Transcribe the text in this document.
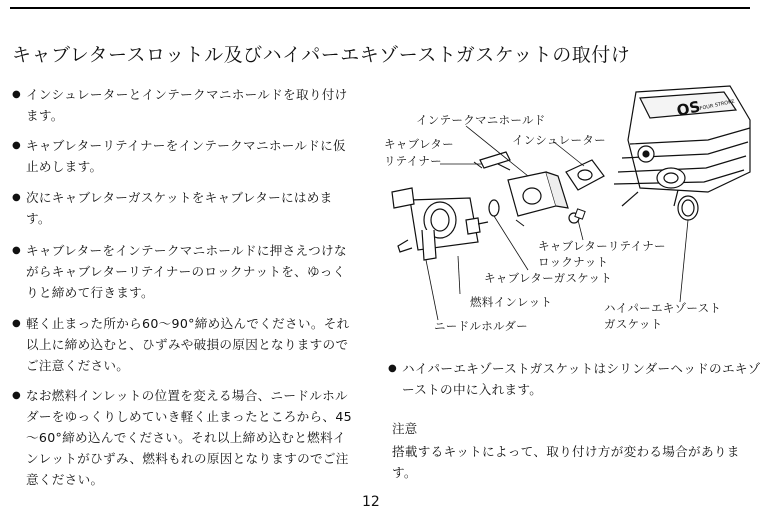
キャブレタースロットル及びハイパーエキゾーストガスケットの取付け

● インシュレーターとインテークマニホールドを取り付けます。

● キャブレターリテイナーをインテークマニホールドに仮止めします。

● 次にキャブレターガスケットをキャブレターにはめます。

● キャブレターをインテークマニホールドに押さえつけながらキャブレターリテイナーのロックナットを、ゆっくりと締めて行きます。

● 軽く止まった所から60～90°締め込んでください。それ以上に締め込むと、ひずみや破損の原因となりますのでご注意ください。

● なお燃料インレットの位置を変える場合、ニードルホルダーをゆっくりしめていき軽く止まったところから、45～60°締め込んでください。それ以上締め込むと燃料インレットがひずみ、燃料もれの原因となりますのでご注意ください。

OS
FOUR STROKE
インテークマニホールド
キャブレター
リテイナー
インシュレーター
キャブレターリテイナー
ロックナット
キャブレターガスケット
燃料インレット
ニードルホルダー
ハイパーエキゾースト
ガスケット

● ハイパーエキゾーストガスケットはシリンダーヘッドのエキゾーストの中に入れます。

注意
搭載するキットによって、取り付け方が変わる場合があります。
12
